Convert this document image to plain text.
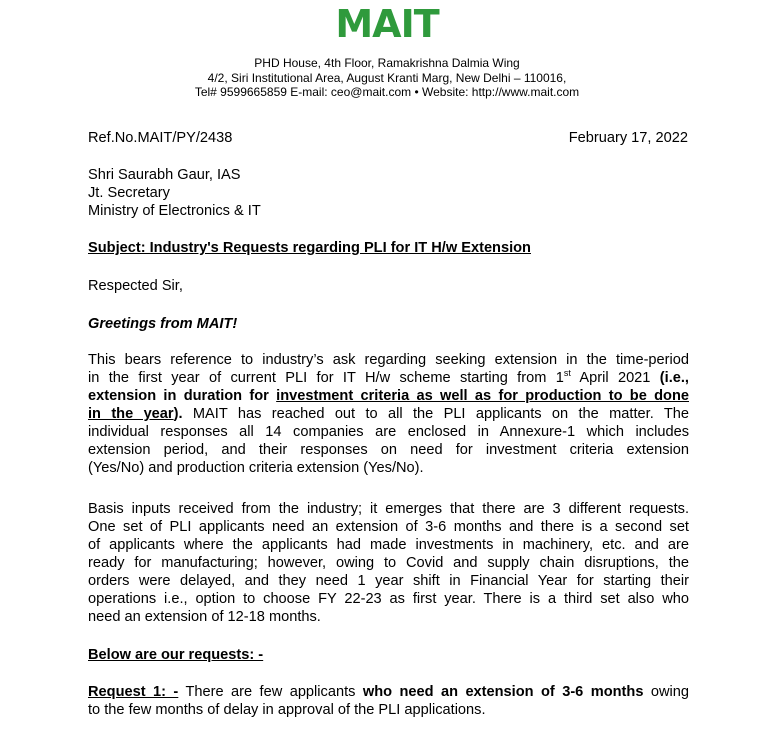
MAIT
PHD House, 4th Floor, Ramakrishna Dalmia Wing
4/2, Siri Institutional Area, August Kranti Marg, New Delhi – 110016,
Tel# 9599665859 E-mail: ceo@mait.com • Website: http://www.mait.com
Ref.No.MAIT/PY/2438	February 17, 2022
Shri Saurabh Gaur, IAS
Jt. Secretary
Ministry of Electronics & IT
Subject: Industry's Requests regarding PLI for IT H/w Extension
Respected Sir,
Greetings from MAIT!
This bears reference to industry’s ask regarding seeking extension in the time-period
in the first year of current PLI for IT H/w scheme starting from 1st April 2021 (i.e.,
extension in duration for investment criteria as well as for production to be done
in the year). MAIT has reached out to all the PLI applicants on the matter. The
individual responses all 14 companies are enclosed in Annexure-1 which includes
extension period, and their responses on need for investment criteria extension
(Yes/No) and production criteria extension (Yes/No).
Basis inputs received from the industry; it emerges that there are 3 different requests.
One set of PLI applicants need an extension of 3-6 months and there is a second set
of applicants where the applicants had made investments in machinery, etc. and are
ready for manufacturing; however, owing to Covid and supply chain disruptions, the
orders were delayed, and they need 1 year shift in Financial Year for starting their
operations i.e., option to choose FY 22-23 as first year. There is a third set also who
need an extension of 12-18 months.
Below are our requests: -
Request 1: - There are few applicants who need an extension of 3-6 months owing
to the few months of delay in approval of the PLI applications.
